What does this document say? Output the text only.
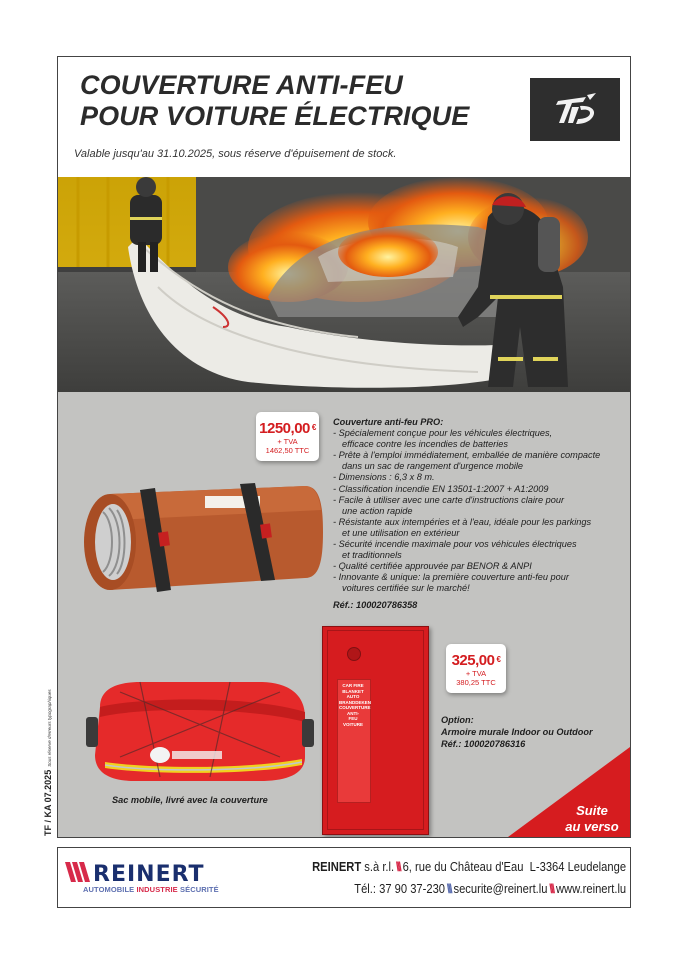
COUVERTURE ANTI-FEU
POUR VOITURE ÉLECTRIQUE
Valable jusqu'au 31.10.2025, sous réserve d'épuisement de stock.
CAR FIRE BLANKET
AUTO BRANDDEKEN
COUVERTURE ANTI-
FEU VOITURE
1250,00 €
+ TVA
1462,50 TTC
325,00 €
+ TVA
380,25 TTC
Couverture anti-feu PRO:
- Spécialement conçue pour les véhicules électriques,
efficace contre les incendies de batteries
- Prête à l'emploi immédiatement, emballée de manière compacte
dans un sac de rangement d'urgence mobile
- Dimensions : 6,3 x 8 m.
- Classification incendie EN 13501-1:2007 + A1:2009
- Facile à utiliser avec une carte d'instructions claire pour
une action rapide
- Résistante aux intempéries et à l'eau, idéale pour les parkings
et une utilisation en extérieur
- Sécurité incendie maximale pour vos véhicules électriques
et traditionnels
- Qualité certifiée approuvée par BENOR & ANPI
- Innovante & unique: la première couverture anti-feu pour
voitures certifiée sur le marché!
Réf.: 100020786358
Option:
Armoire murale Indoor ou Outdoor
Réf.: 100020786316
Sac mobile, livré avec la couverture
Suite
au verso
TF / KA 07.2025Sous réserve d'erreurs typographiques
REINERT
AUTOMOBILE INDUSTRIE SÉCURITÉ
REINERT s.à r.l. \\\ 6, rue du Château d'Eau L-3364 Leudelange
Tél.: 37 90 37-230 \\\ securite@reinert.lu \\\ www.reinert.lu
